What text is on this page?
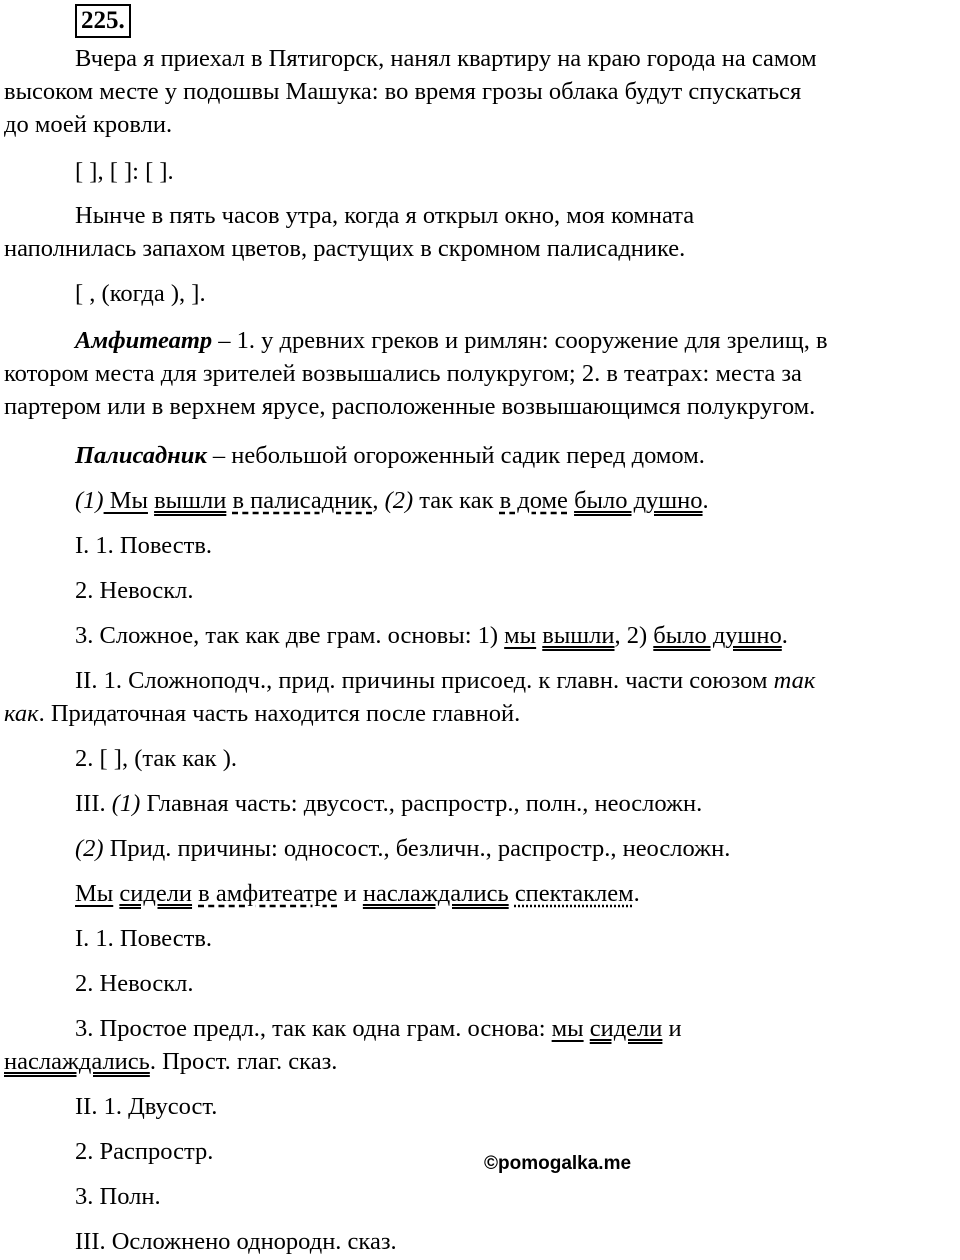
225.
Вчера я приехал в Пятигорск, нанял квартиру на краю города на самом
высоком месте у подошвы Машука: во время грозы облака будут спускаться
до моей кровли.
[ ], [ ]: [ ].
Нынче в пять часов утра, когда я открыл окно, моя комната
наполнилась запахом цветов, растущих в скромном палисаднике.
[ , (когда ), ].
Амфитеатр – 1. у древних греков и римлян: сооружение для зрелищ, в
котором места для зрителей возвышались полукругом; 2. в театрах: места за
партером или в верхнем ярусе, расположенные возвышающимся полукругом.
Палисадник – небольшой огороженный садик перед домом.
(1) Мы вышли в палисадник, (2) так как в доме было душно.
I. 1. Повеств.
2. Невоскл.
3. Сложное, так как две грам. основы: 1) мы вышли, 2) было душно.
II. 1. Сложноподч., прид. причины присоед. к главн. части союзом так
как. Придаточная часть находится после главной.
2. [ ], (так как ).
III. (1) Главная часть: двусост., распростр., полн., неосложн.
(2) Прид. причины: односост., безличн., распростр., неосложн.
Мы сидели в амфитеатре и наслаждались спектаклем.
I. 1. Повеств.
2. Невоскл.
3. Простое предл., так как одна грам. основа: мы сидели и
наслаждались. Прост. глаг. сказ.
II. 1. Двусост.
2. Распростр.
3. Полн.
III. Осложнено однородн. сказ.
©pomogalka.me
